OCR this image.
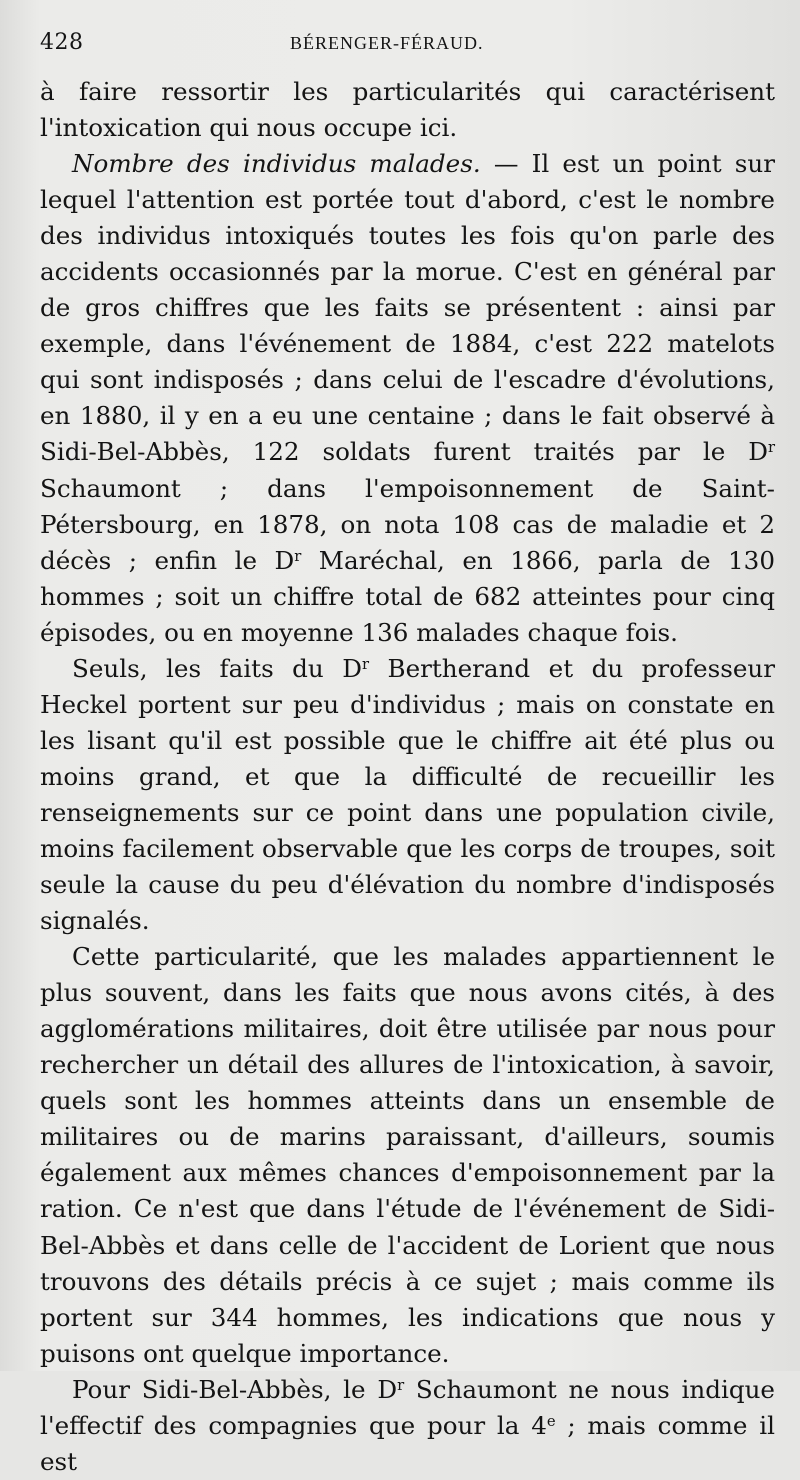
428	BÉRENGER-FÉRAUD.

à faire ressortir les particularités qui caractérisent l'intoxication qui nous occupe ici.

Nombre des individus malades. — Il est un point sur lequel l'attention est portée tout d'abord, c'est le nombre des individus intoxiqués toutes les fois qu'on parle des accidents occasionnés par la morue. C'est en général par de gros chiffres que les faits se présentent : ainsi par exemple, dans l'événement de 1884, c'est 222 matelots qui sont indisposés ; dans celui de l'escadre d'évolutions, en 1880, il y en a eu une centaine ; dans le fait observé à Sidi-Bel-Abbès, 122 soldats furent traités par le $D^r$ Schaumont ; dans l'empoisonnement de Saint-Pétersbourg, en 1878, on nota 108 cas de maladie et 2 décès ; enfin le $D^r$ Maréchal, en 1866, parla de 130 hommes ; soit un chiffre total de 682 atteintes pour cinq épisodes, ou en moyenne 136 malades chaque fois.

Seuls, les faits du $D^r$ Bertherand et du professeur Heckel portent sur peu d'individus ; mais on constate en les lisant qu'il est possible que le chiffre ait été plus ou moins grand, et que la difficulté de recueillir les renseignements sur ce point dans une population civile, moins facilement observable que les corps de troupes, soit seule la cause du peu d'élévation du nombre d'indisposés signalés.

Cette particularité, que les malades appartiennent le plus souvent, dans les faits que nous avons cités, à des agglomérations militaires, doit être utilisée par nous pour rechercher un détail des allures de l'intoxication, à savoir, quels sont les hommes atteints dans un ensemble de militaires ou de marins paraissant, d'ailleurs, soumis également aux mêmes chances d'empoisonnement par la ration. Ce n'est que dans l'étude de l'événement de Sidi-Bel-Abbès et dans celle de l'accident de Lorient que nous trouvons des détails précis à ce sujet ; mais comme ils portent sur 344 hommes, les indications que nous y puisons ont quelque importance.

Pour Sidi-Bel-Abbès, le $D^r$ Schaumont ne nous indique l'effectif des compagnies que pour la 4e ; mais comme il est
